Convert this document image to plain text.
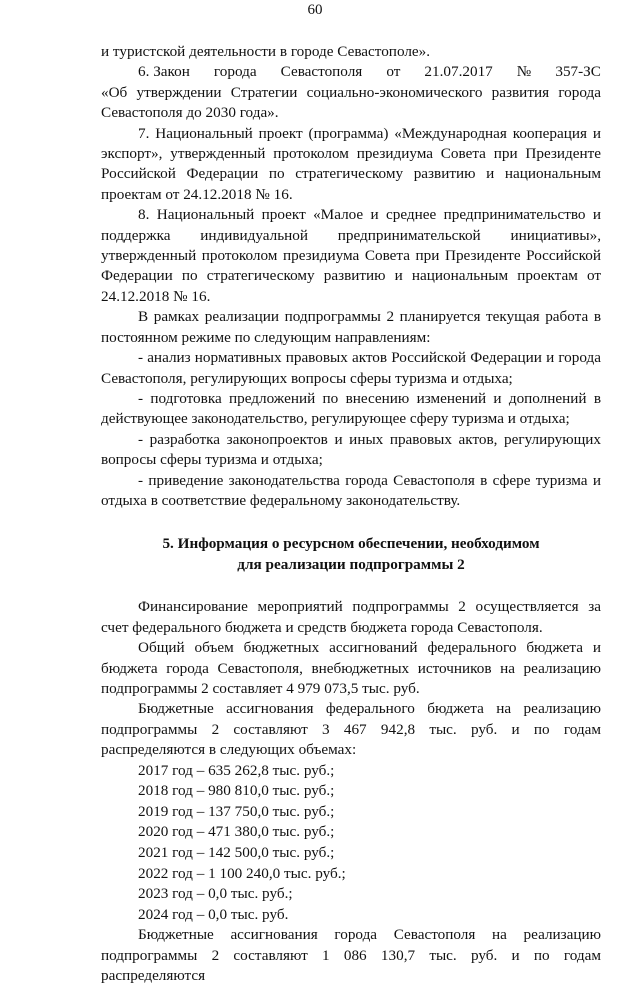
60

и туристской деятельности в городе Севастополе».

6. Закон города Севастополя от 21.07.2017 № 357-ЗС

«Об утверждении Стратегии социально-экономического развития города Севастополя до 2030 года».

7. Национальный проект (программа) «Международная кооперация и экспорт», утвержденный протоколом президиума Совета при Президенте Российской Федерации по стратегическому развитию и национальным проектам от 24.12.2018 № 16.

8. Национальный проект «Малое и среднее предпринимательство и поддержка индивидуальной предпринимательской инициативы», утвержденный протоколом президиума Совета при Президенте Российской Федерации по стратегическому развитию и национальным проектам от 24.12.2018 № 16.

В рамках реализации подпрограммы 2 планируется текущая работа в постоянном режиме по следующим направлениям:

- анализ нормативных правовых актов Российской Федерации и города Севастополя, регулирующих вопросы сферы туризма и отдыха;

- подготовка предложений по внесению изменений и дополнений в действующее законодательство, регулирующее сферу туризма и отдыха;

- разработка законопроектов и иных правовых актов, регулирующих вопросы сферы туризма и отдыха;

- приведение законодательства города Севастополя в сфере туризма и отдыха в соответствие федеральному законодательству.

5. Информация о ресурсном обеспечении, необходимом

для реализации подпрограммы 2

Финансирование мероприятий подпрограммы 2 осуществляется за счет федерального бюджета и средств бюджета города Севастополя.

Общий объем бюджетных ассигнований федерального бюджета и бюджета города Севастополя, внебюджетных источников на реализацию подпрограммы 2 составляет 4 979 073,5 тыс. руб.

Бюджетные ассигнования федерального бюджета на реализацию подпрограммы 2 составляют 3 467 942,8 тыс. руб. и по годам распределяются в следующих объемах:

2017 год – 635 262,8 тыс. руб.;

2018 год – 980 810,0 тыс. руб.;

2019 год – 137 750,0 тыс. руб.;

2020 год – 471 380,0 тыс. руб.;

2021 год – 142 500,0 тыс. руб.;

2022 год – 1 100 240,0 тыс. руб.;

2023 год – 0,0 тыс. руб.;

2024 год – 0,0 тыс. руб.

Бюджетные ассигнования города Севастополя на реализацию подпрограммы 2 составляют 1 086 130,7 тыс. руб. и по годам распределяются
